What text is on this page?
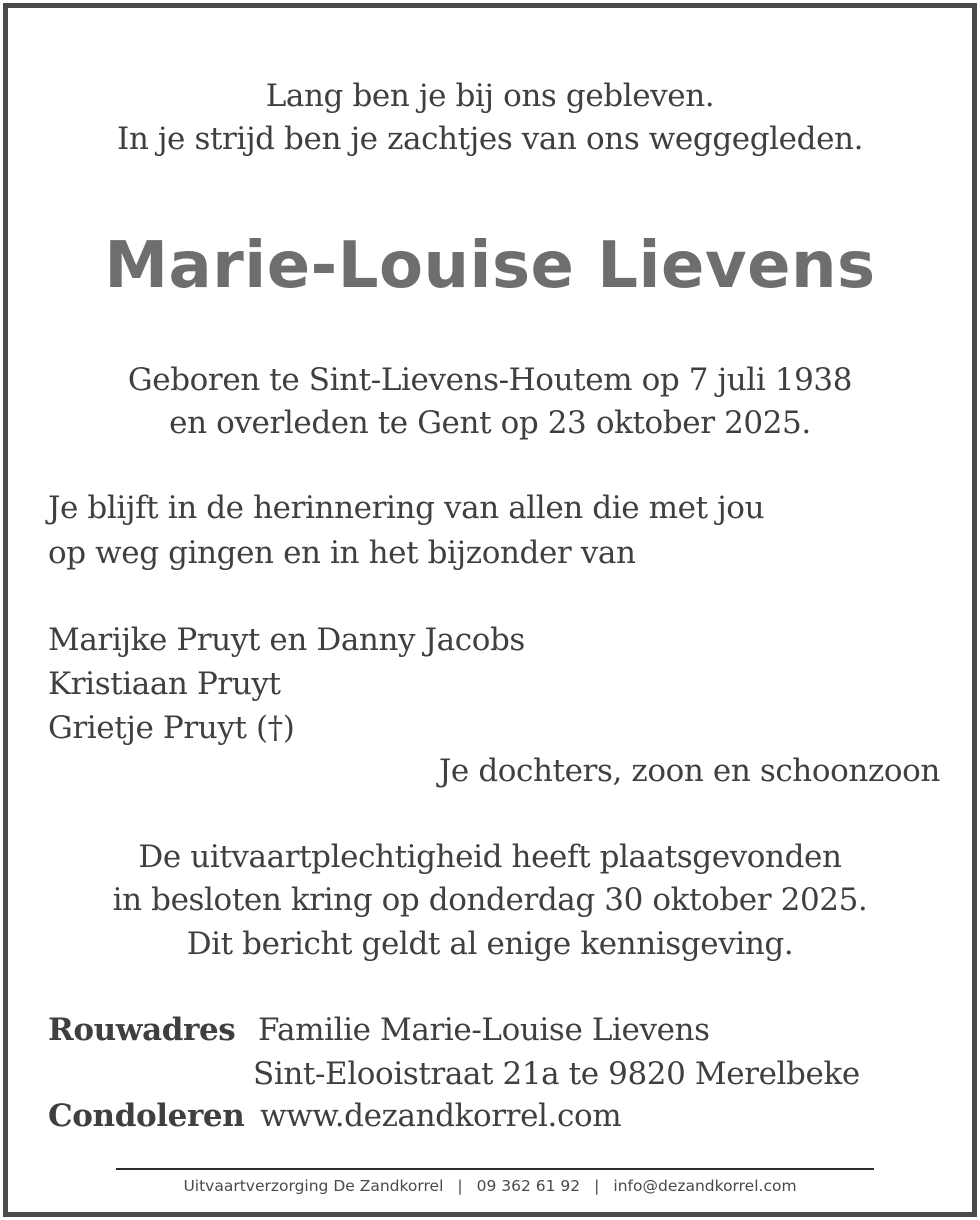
Lang ben je bij ons gebleven.
In je strijd ben je zachtjes van ons weggegleden.
Marie-Louise Lievens
Geboren te Sint-Lievens-Houtem op 7 juli 1938
en overleden te Gent op 23 oktober 2025.
Je blijft in de herinnering van allen die met jou
op weg gingen en in het bijzonder van
Marijke Pruyt en Danny Jacobs
Kristiaan Pruyt
Grietje Pruyt (†)
Je dochters, zoon en schoonzoon
De uitvaartplechtigheid heeft plaatsgevonden
in besloten kring op donderdag 30 oktober 2025.
Dit bericht geldt al enige kennisgeving.
Rouwadres Familie Marie-Louise Lievens
Sint-Elooistraat 21a te 9820 Merelbeke
Condoleren www.dezandkorrel.com
Uitvaartverzorging De Zandkorrel | 09 362 61 92 | info@dezandkorrel.com
